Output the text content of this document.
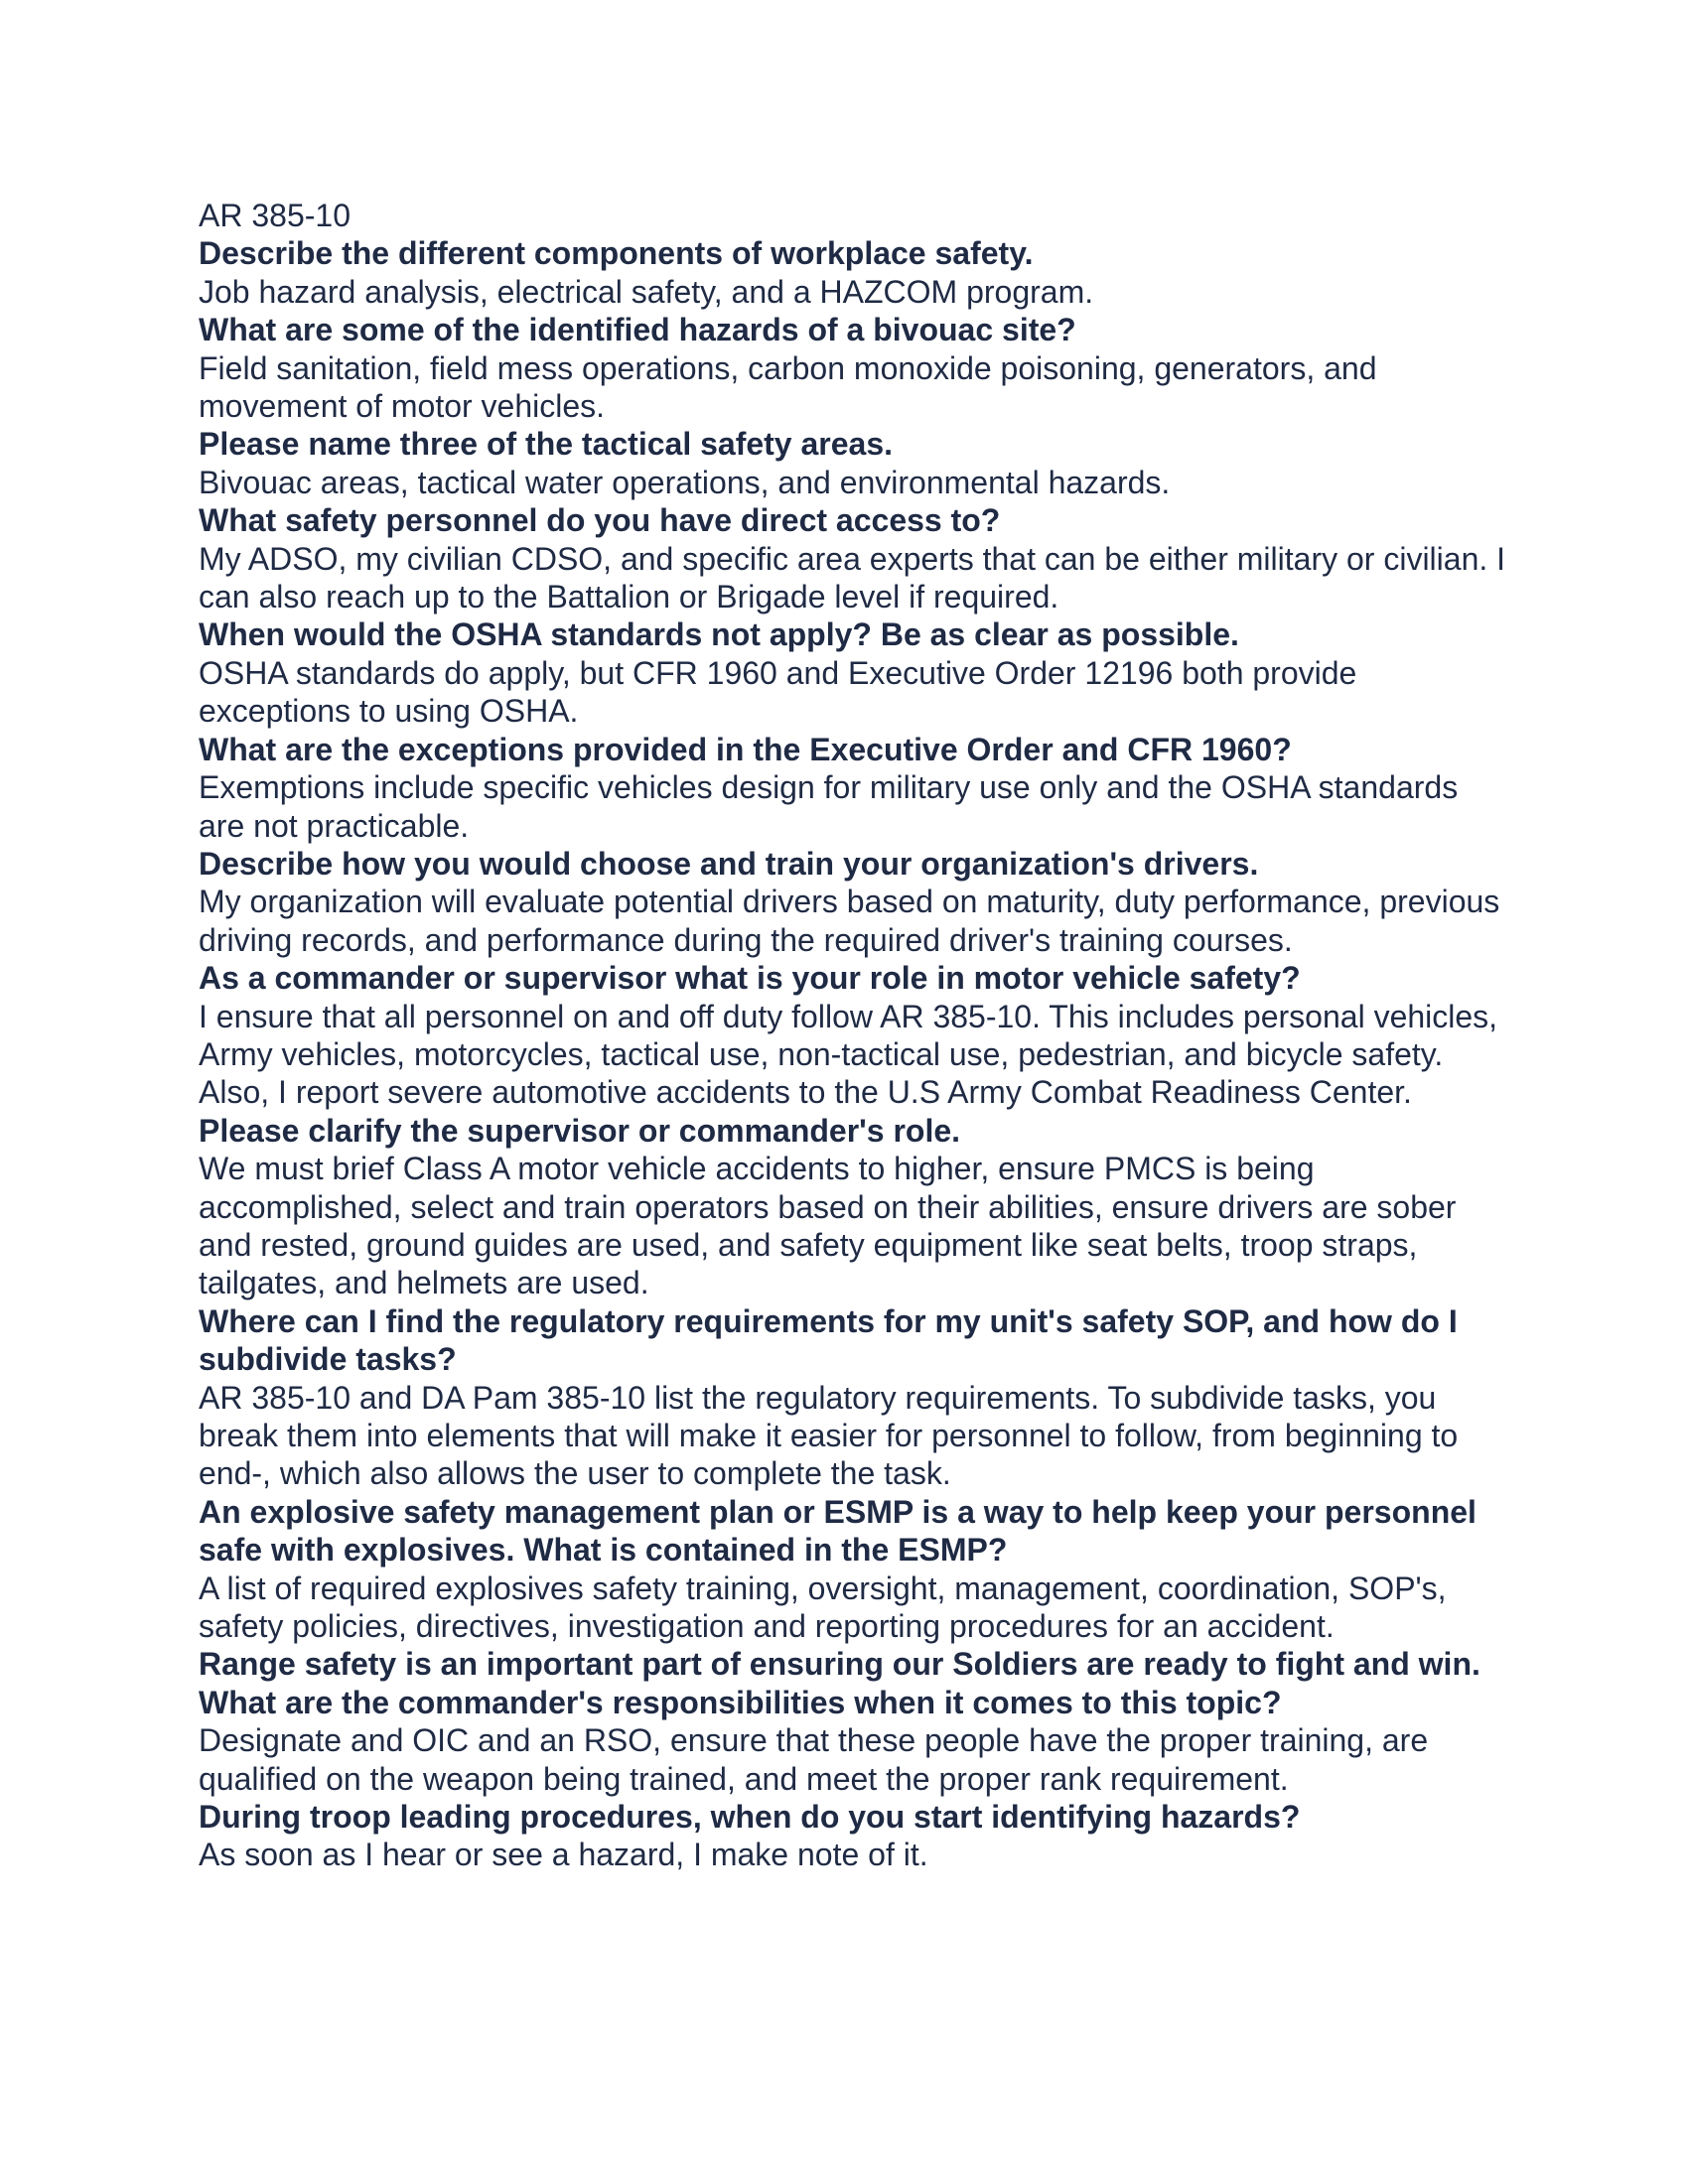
AR 385-10

Describe the different components of workplace safety.

Job hazard analysis, electrical safety, and a HAZCOM program.

What are some of the identified hazards of a bivouac site?

Field sanitation, field mess operations, carbon monoxide poisoning, generators, and movement of motor vehicles.

Please name three of the tactical safety areas.

Bivouac areas, tactical water operations, and environmental hazards.

What safety personnel do you have direct access to?

My ADSO, my civilian CDSO, and specific area experts that can be either military or civilian. I can also reach up to the Battalion or Brigade level if required.

When would the OSHA standards not apply? Be as clear as possible.

OSHA standards do apply, but CFR 1960 and Executive Order 12196 both provide exceptions to using OSHA.

What are the exceptions provided in the Executive Order and CFR 1960?

Exemptions include specific vehicles design for military use only and the OSHA standards are not practicable.

Describe how you would choose and train your organization's drivers.

My organization will evaluate potential drivers based on maturity, duty performance, previous driving records, and performance during the required driver's training courses.

As a commander or supervisor what is your role in motor vehicle safety?

I ensure that all personnel on and off duty follow AR 385-10. This includes personal vehicles, Army vehicles, motorcycles, tactical use, non-tactical use, pedestrian, and bicycle safety. Also, I report severe automotive accidents to the U.S Army Combat Readiness Center.

Please clarify the supervisor or commander's role.

We must brief Class A motor vehicle accidents to higher, ensure PMCS is being accomplished, select and train operators based on their abilities, ensure drivers are sober and rested, ground guides are used, and safety equipment like seat belts, troop straps, tailgates, and helmets are used.

Where can I find the regulatory requirements for my unit's safety SOP, and how do I subdivide tasks?

AR 385-10 and DA Pam 385-10 list the regulatory requirements. To subdivide tasks, you break them into elements that will make it easier for personnel to follow, from beginning to end-, which also allows the user to complete the task.

An explosive safety management plan or ESMP is a way to help keep your personnel safe with explosives. What is contained in the ESMP?

A list of required explosives safety training, oversight, management, coordination, SOP's, safety policies, directives, investigation and reporting procedures for an accident.

Range safety is an important part of ensuring our Soldiers are ready to fight and win. What are the commander's responsibilities when it comes to this topic?

Designate and OIC and an RSO, ensure that these people have the proper training, are qualified on the weapon being trained, and meet the proper rank requirement.

During troop leading procedures, when do you start identifying hazards?

As soon as I hear or see a hazard, I make note of it.
